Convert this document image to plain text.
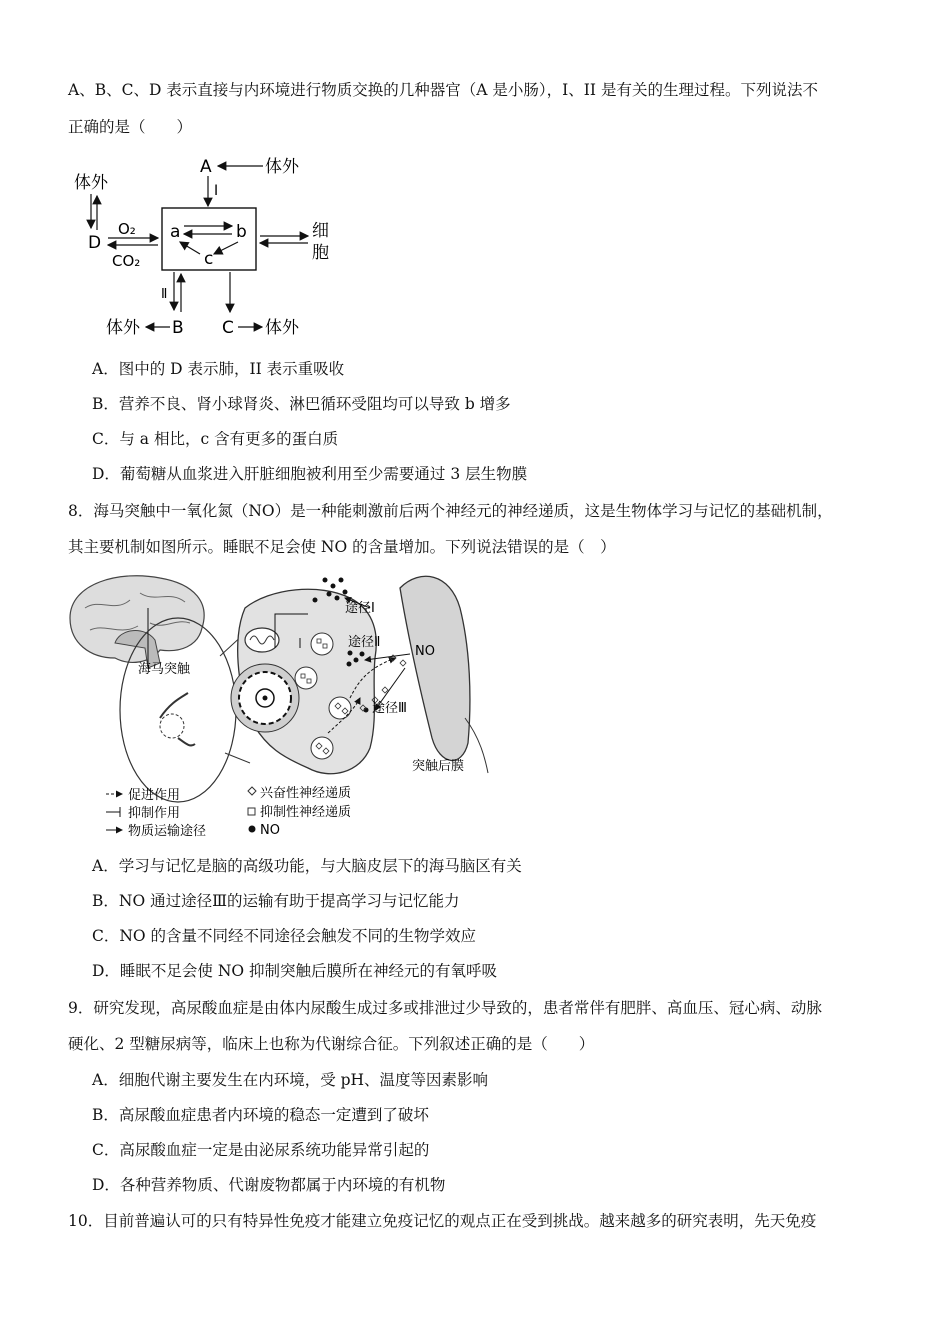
A、B、C、D 表示直接与内环境进行物质交换的几种器官（A 是小肠），I、II 是有关的生理过程。下列说法不
正确的是（　　）
a	b
c
A	体外
I
体外
D
O₂
CO₂
细
胞
Ⅱ
B
体外	C 体外
A．图中的 D 表示肺，II 表示重吸收
B．营养不良、肾小球肾炎、淋巴循环受阻均可以导致 b 增多
C．与 a 相比，c 含有更多的蛋白质
D．葡萄糖从血浆进入肝脏细胞被利用至少需要通过 3 层生物膜
8．海马突触中一氧化氮（NO）是一种能刺激前后两个神经元的神经递质，这是生物体学习与记忆的基础机制，
其主要机制如图所示。睡眠不足会使 NO 的含量增加。下列说法错误的是（　）
海马突触
途径Ⅰ
途径Ⅱ
NO
途径Ⅲ
突触后膜
促进作用
抑制作用
物质运输途径
兴奋性神经递质
抑制性神经递质
NO
A．学习与记忆是脑的高级功能，与大脑皮层下的海马脑区有关
B．NO 通过途径Ⅲ的运输有助于提高学习与记忆能力
C．NO 的含量不同经不同途径会触发不同的生物学效应
D．睡眠不足会使 NO 抑制突触后膜所在神经元的有氧呼吸
9．研究发现，高尿酸血症是由体内尿酸生成过多或排泄过少导致的，患者常伴有肥胖、高血压、冠心病、动脉
硬化、2 型糖尿病等，临床上也称为代谢综合征。下列叙述正确的是（　　）
A．细胞代谢主要发生在内环境，受 pH、温度等因素影响
B．高尿酸血症患者内环境的稳态一定遭到了破坏
C．高尿酸血症一定是由泌尿系统功能异常引起的
D．各种营养物质、代谢废物都属于内环境的有机物
10．目前普遍认可的只有特异性免疫才能建立免疫记忆的观点正在受到挑战。越来越多的研究表明，先天免疫
